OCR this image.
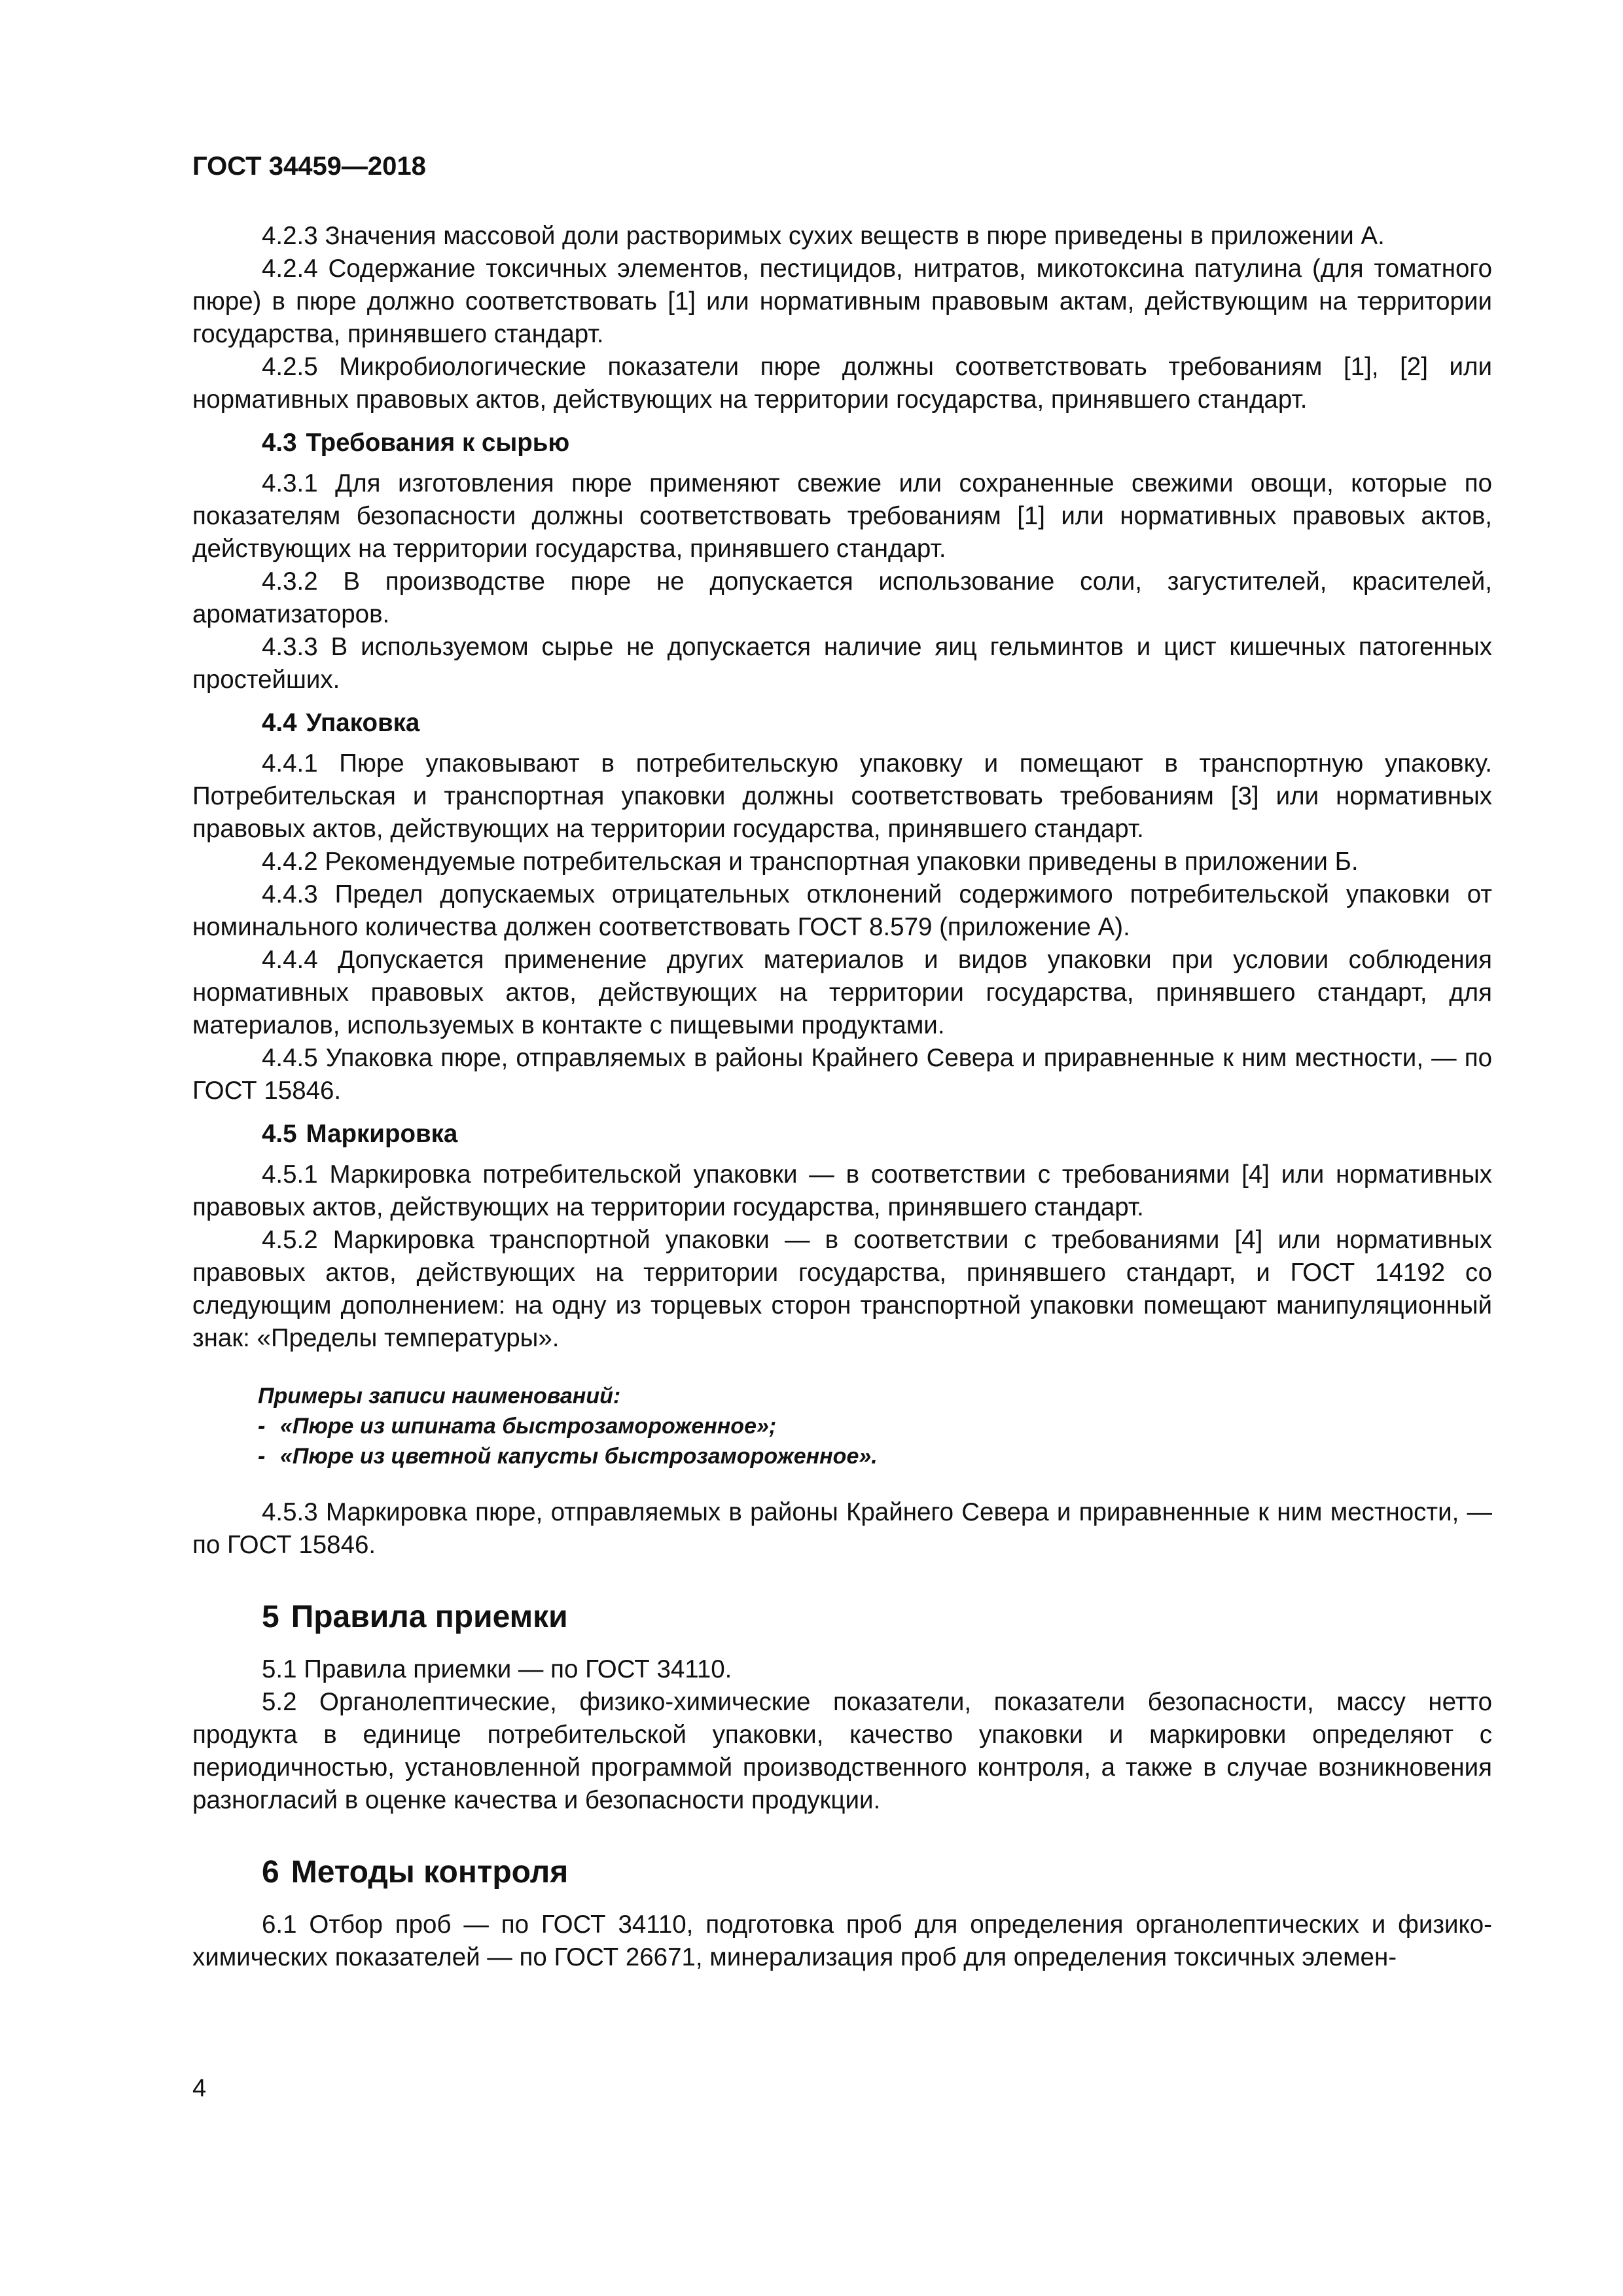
ГОСТ 34459—2018

4.2.3 Значения массовой доли растворимых сухих веществ в пюре приведены в приложении А.

4.2.4 Содержание токсичных элементов, пестицидов, нитратов, микотоксина патулина (для томатного пюре) в пюре должно соответствовать [1] или нормативным правовым актам, действующим на территории государства, принявшего стандарт.

4.2.5 Микробиологические показатели пюре должны соответствовать требованиям [1], [2] или нормативных правовых актов, действующих на территории государства, принявшего стандарт.

4.3 Требования к сырью

4.3.1 Для изготовления пюре применяют свежие или сохраненные свежими овощи, которые по показателям безопасности должны соответствовать требованиям [1] или нормативных правовых актов, действующих на территории государства, принявшего стандарт.

4.3.2 В производстве пюре не допускается использование соли, загустителей, красителей, ароматизаторов.

4.3.3 В используемом сырье не допускается наличие яиц гельминтов и цист кишечных патогенных простейших.

4.4 Упаковка

4.4.1 Пюре упаковывают в потребительскую упаковку и помещают в транспортную упаковку. Потребительская и транспортная упаковки должны соответствовать требованиям [3] или нормативных правовых актов, действующих на территории государства, принявшего стандарт.

4.4.2 Рекомендуемые потребительская и транспортная упаковки приведены в приложении Б.

4.4.3 Предел допускаемых отрицательных отклонений содержимого потребительской упаковки от номинального количества должен соответствовать ГОСТ 8.579 (приложение А).

4.4.4 Допускается применение других материалов и видов упаковки при условии соблюдения нормативных правовых актов, действующих на территории государства, принявшего стандарт, для материалов, используемых в контакте с пищевыми продуктами.

4.4.5 Упаковка пюре, отправляемых в районы Крайнего Севера и приравненные к ним местности, — по ГОСТ 15846.

4.5 Маркировка

4.5.1 Маркировка потребительской упаковки — в соответствии с требованиями [4] или нормативных правовых актов, действующих на территории государства, принявшего стандарт.

4.5.2 Маркировка транспортной упаковки — в соответствии с требованиями [4] или нормативных правовых актов, действующих на территории государства, принявшего стандарт, и ГОСТ 14192 со следующим дополнением: на одну из торцевых сторон транспортной упаковки помещают манипуляционный знак: «Пределы температуры».

Примеры записи наименований:
- «Пюре из шпината быстрозамороженное»;
- «Пюре из цветной капусты быстрозамороженное».

4.5.3 Маркировка пюре, отправляемых в районы Крайнего Севера и приравненные к ним местности, — по ГОСТ 15846.

5 Правила приемки

5.1 Правила приемки — по ГОСТ 34110.

5.2 Органолептические, физико-химические показатели, показатели безопасности, массу нетто продукта в единице потребительской упаковки, качество упаковки и маркировки определяют с периодичностью, установленной программой производственного контроля, а также в случае возникновения разногласий в оценке качества и безопасности продукции.

6 Методы контроля

6.1 Отбор проб — по ГОСТ 34110, подготовка проб для определения органолептических и физико-химических показателей — по ГОСТ 26671, минерализация проб для определения токсичных элемен-

4
